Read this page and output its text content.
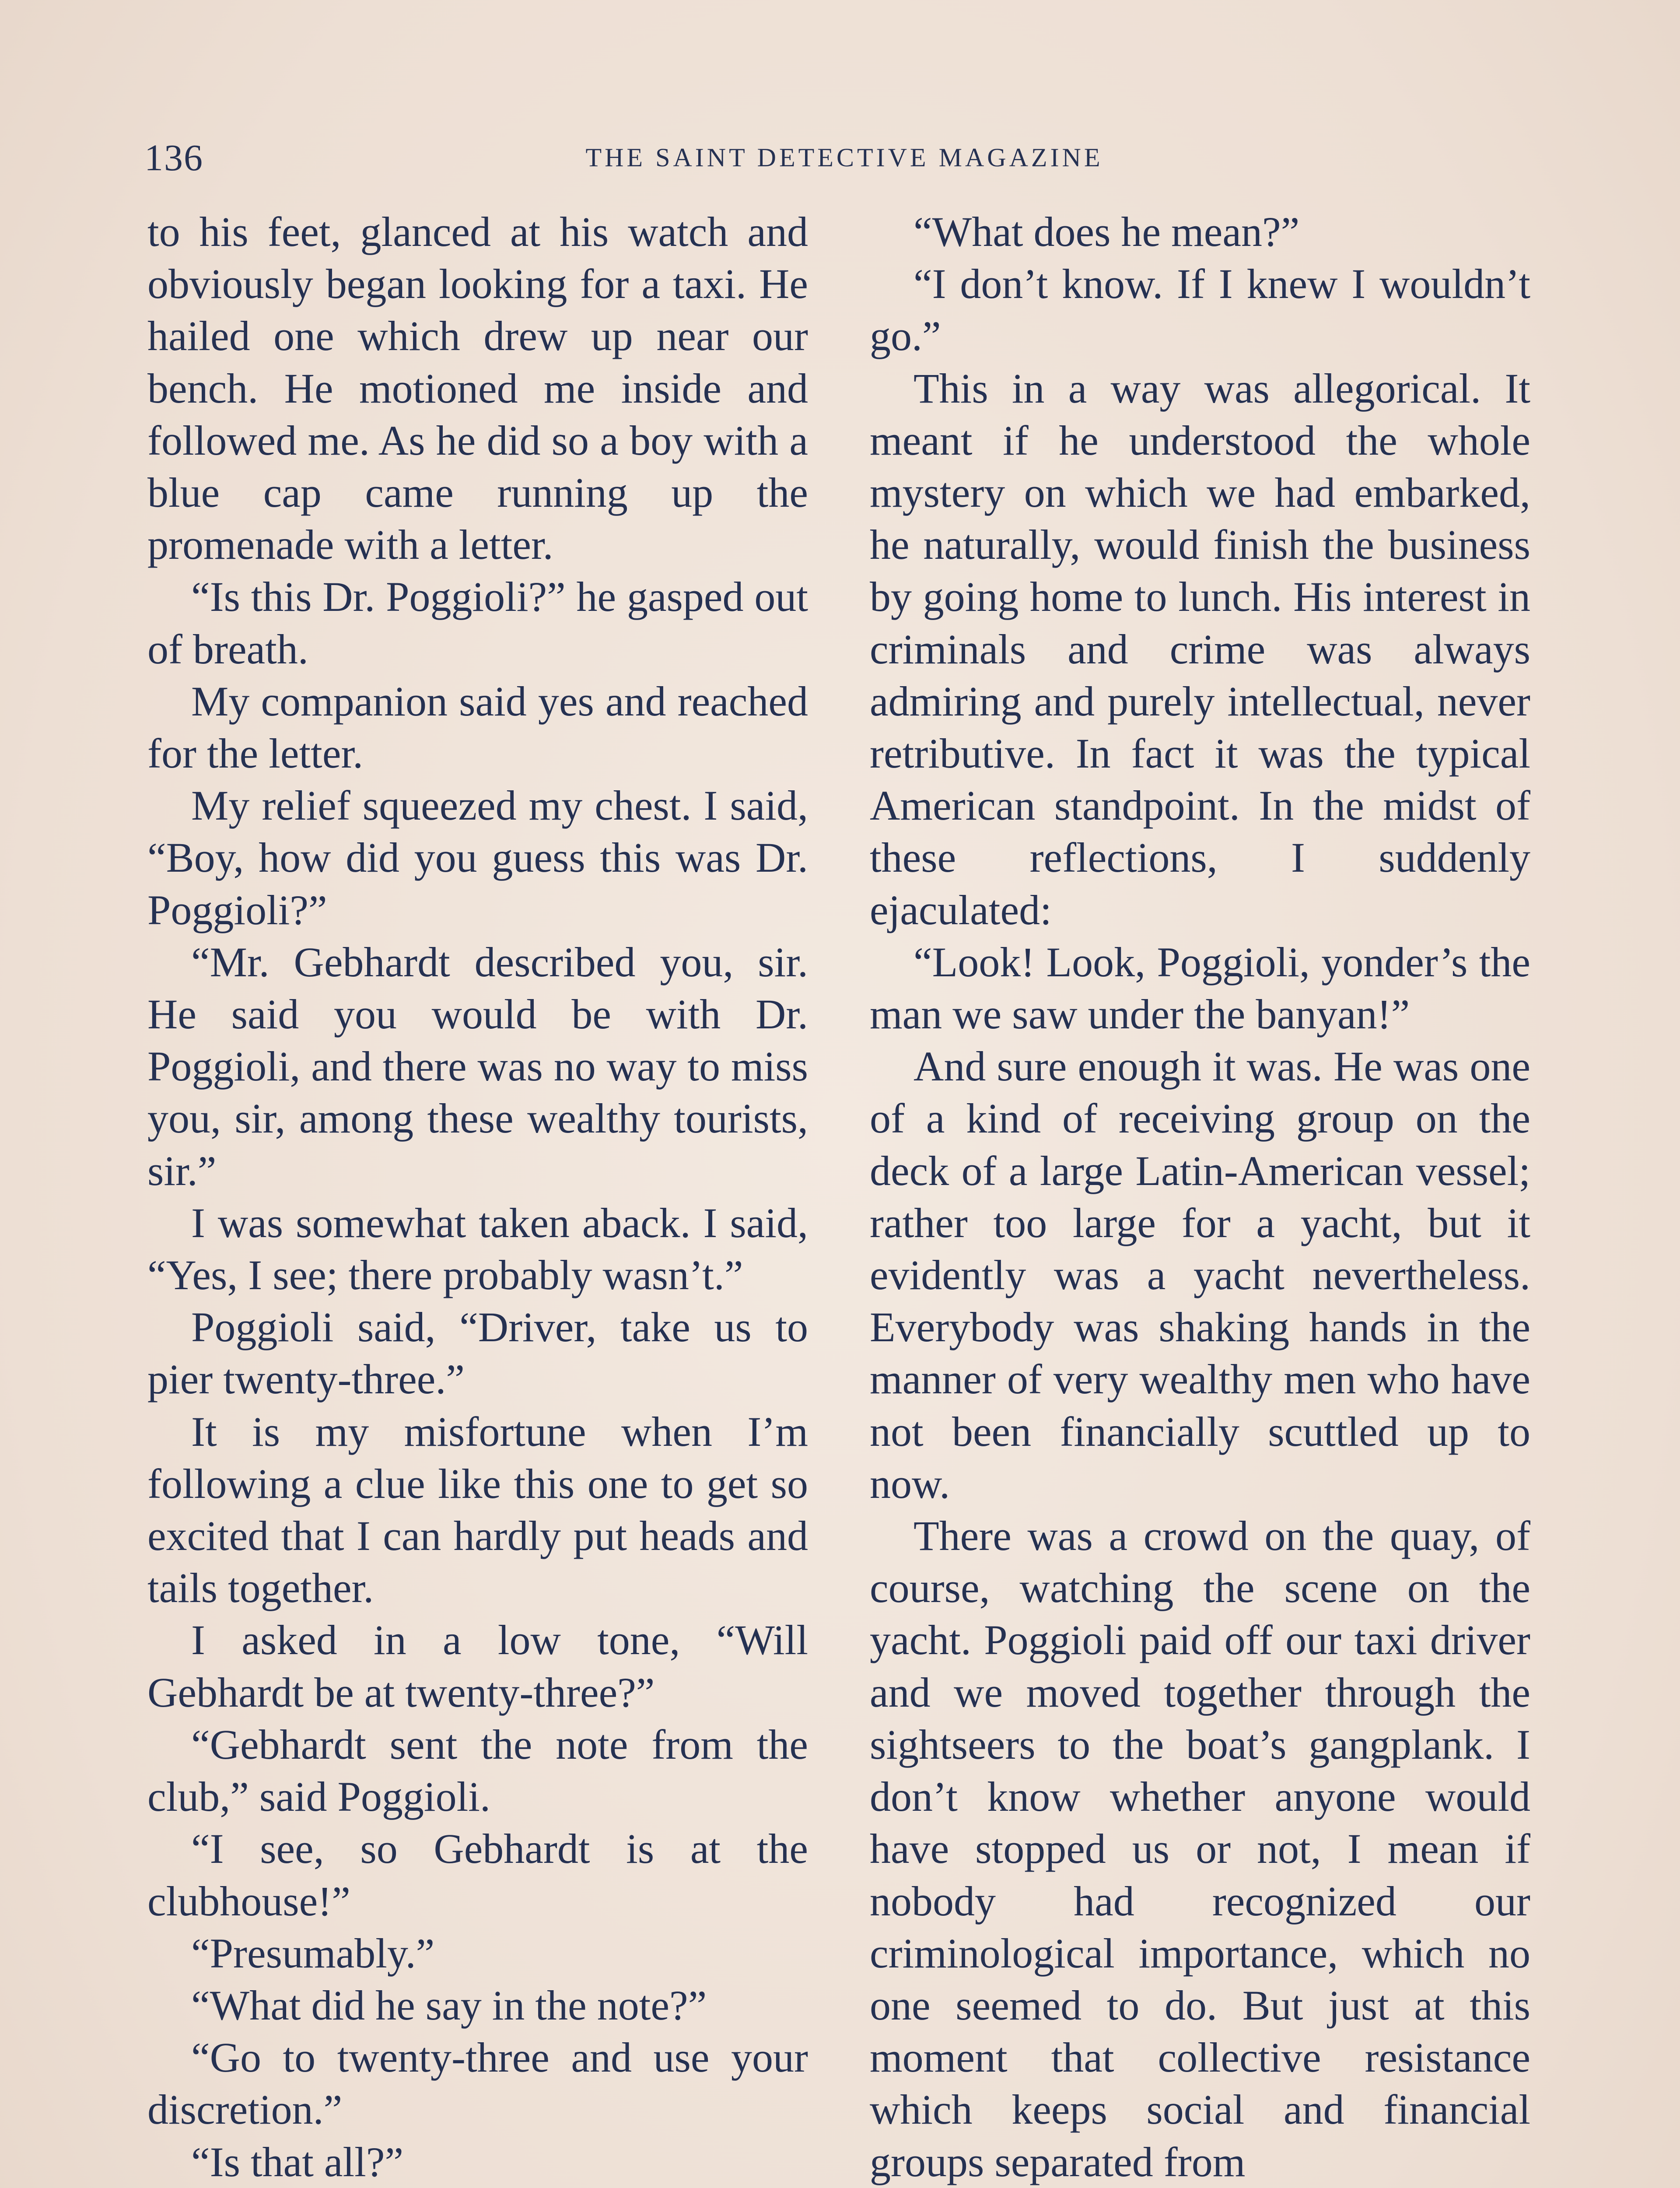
136	THE SAINT DETECTIVE MAGAZINE

to his feet, glanced at his watch and obviously began looking for a taxi. He hailed one which drew up near our bench. He motioned me inside and followed me. As he did so a boy with a blue cap came running up the promenade with a letter.

“Is this Dr. Poggioli?” he gasped out of breath.

My companion said yes and reached for the letter.

My relief squeezed my chest. I said, “Boy, how did you guess this was Dr. Poggioli?”

“Mr. Gebhardt described you, sir. He said you would be with Dr. Poggioli, and there was no way to miss you, sir, among these wealthy tourists, sir.”

I was somewhat taken aback. I said, “Yes, I see; there probably wasn’t.”

Poggioli said, “Driver, take us to pier twenty-three.”

It is my misfortune when I’m following a clue like this one to get so excited that I can hardly put heads and tails together.

I asked in a low tone, “Will Gebhardt be at twenty-three?”

“Gebhardt sent the note from the club,” said Poggioli.

“I see, so Gebhardt is at the clubhouse!”

“Presumably.”

“What did he say in the note?”

“Go to twenty-three and use your discretion.”

“Is that all?”

“What does he mean?”

“I don’t know. If I knew I wouldn’t go.”

This in a way was allegorical. It meant if he understood the whole mystery on which we had embarked, he naturally, would finish the business by going home to lunch. His interest in criminals and crime was always admiring and purely intellectual, never retributive. In fact it was the typical American standpoint. In the midst of these reflections, I suddenly ejaculated:

“Look! Look, Poggioli, yonder’s the man we saw under the banyan!”

And sure enough it was. He was one of a kind of receiving group on the deck of a large Latin-American vessel; rather too large for a yacht, but it evidently was a yacht nevertheless. Everybody was shaking hands in the manner of very wealthy men who have not been financially scuttled up to now.

There was a crowd on the quay, of course, watching the scene on the yacht. Poggioli paid off our taxi driver and we moved together through the sightseers to the boat’s gangplank. I don’t know whether anyone would have stopped us or not, I mean if nobody had recognized our criminological importance, which no one seemed to do. But just at this moment that collective resistance which keeps social and financial groups separated from
